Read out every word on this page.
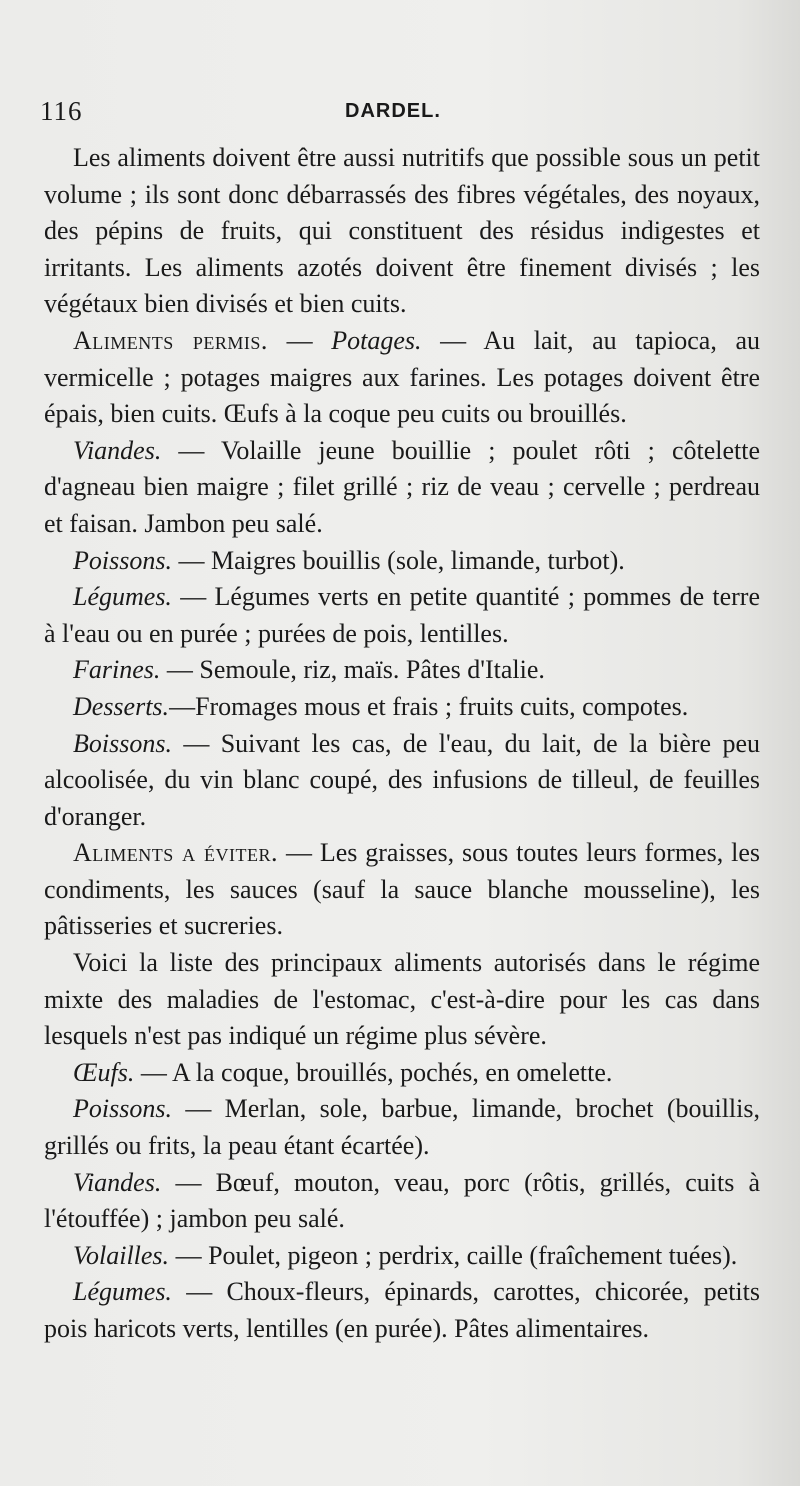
116	DARDEL.

Les aliments doivent être aussi nutritifs que possible sous un petit volume ; ils sont donc débarrassés des fibres végétales, des noyaux, des pépins de fruits, qui constituent des résidus indigestes et irritants. Les aliments azotés doivent être finement divisés ; les végétaux bien divisés et bien cuits.

Aliments permis. — Potages. — Au lait, au tapioca, au vermicelle ; potages maigres aux farines. Les potages doivent être épais, bien cuits. Œufs à la coque peu cuits ou brouillés.

Viandes. — Volaille jeune bouillie ; poulet rôti ; côtelette d'agneau bien maigre ; filet grillé ; riz de veau ; cervelle ; perdreau et faisan. Jambon peu salé.

Poissons. — Maigres bouillis (sole, limande, turbot).

Légumes. — Légumes verts en petite quantité ; pommes de terre à l'eau ou en purée ; purées de pois, lentilles.

Farines. — Semoule, riz, maïs. Pâtes d'Italie.

Desserts.—Fromages mous et frais ; fruits cuits, compotes.

Boissons. — Suivant les cas, de l'eau, du lait, de la bière peu alcoolisée, du vin blanc coupé, des infusions de tilleul, de feuilles d'oranger.

Aliments a éviter. — Les graisses, sous toutes leurs formes, les condiments, les sauces (sauf la sauce blanche mousseline), les pâtisseries et sucreries.

Voici la liste des principaux aliments autorisés dans le régime mixte des maladies de l'estomac, c'est-à-dire pour les cas dans lesquels n'est pas indiqué un régime plus sévère.

Œufs. — A la coque, brouillés, pochés, en omelette.

Poissons. — Merlan, sole, barbue, limande, brochet (bouillis, grillés ou frits, la peau étant écartée).

Viandes. — Bœuf, mouton, veau, porc (rôtis, grillés, cuits à l'étouffée) ; jambon peu salé.

Volailles. — Poulet, pigeon ; perdrix, caille (fraîchement tuées).

Légumes. — Choux-fleurs, épinards, carottes, chicorée, petits pois haricots verts, lentilles (en purée). Pâtes alimentaires.
